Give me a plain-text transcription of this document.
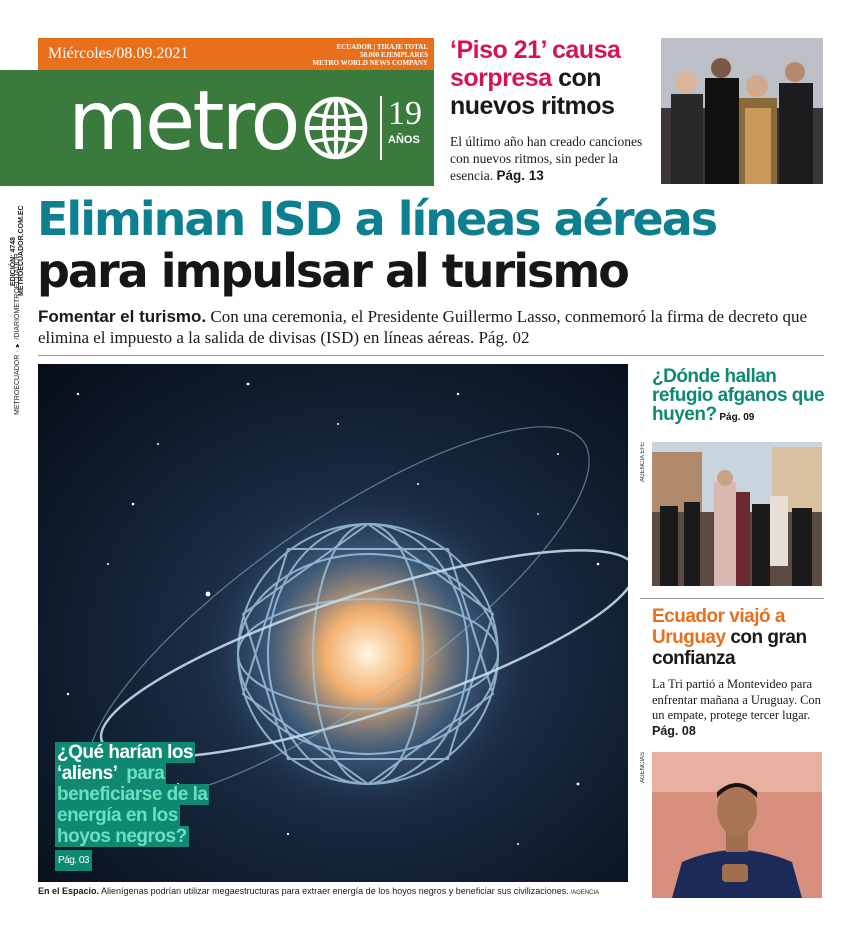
Miércoles/08.09.2021	ECUADOR | TIRAJE TOTAL
50.000 EJEMPLARES
METRO WORLD NEWS COMPANY
metro	19
AÑOS
‘Piso 21’ causa sorpresa con nuevos ritmos
El último año han creado canciones con nuevos ritmos, sin peder la esencia. Pág. 13
EDICIÓN: 4748 METROECUADOR.COM.EC
METROECUADOR · ♥ /DIARIOMETROECUADOR
Eliminan ISD a líneas aéreas
para impulsar al turismo
Fomentar el turismo. Con una ceremonia, el Presidente Guillermo Lasso, conmemoró la firma de decreto que elimina el impuesto a la salida de divisas (ISD) en líneas aéreas. Pág. 02
¿Qué harían los ‘aliens’ para beneficiarse de la energía en los hoyos negros?
Pág. 03
En el Espacio. Alienígenas podrían utilizar megaestructuras para extraer energía de los hoyos negros y beneficiar sus civilizaciones. /AGENCIA
¿Dónde hallan refugio afganos que huyen? Pág. 09
AGENCIA EFE
Ecuador viajó a Uruguay con gran confianza
La Tri partió a Montevideo para enfrentar mañana a Uruguay. Con un empate, protege tercer lugar. Pág. 08
AGENCIAS
